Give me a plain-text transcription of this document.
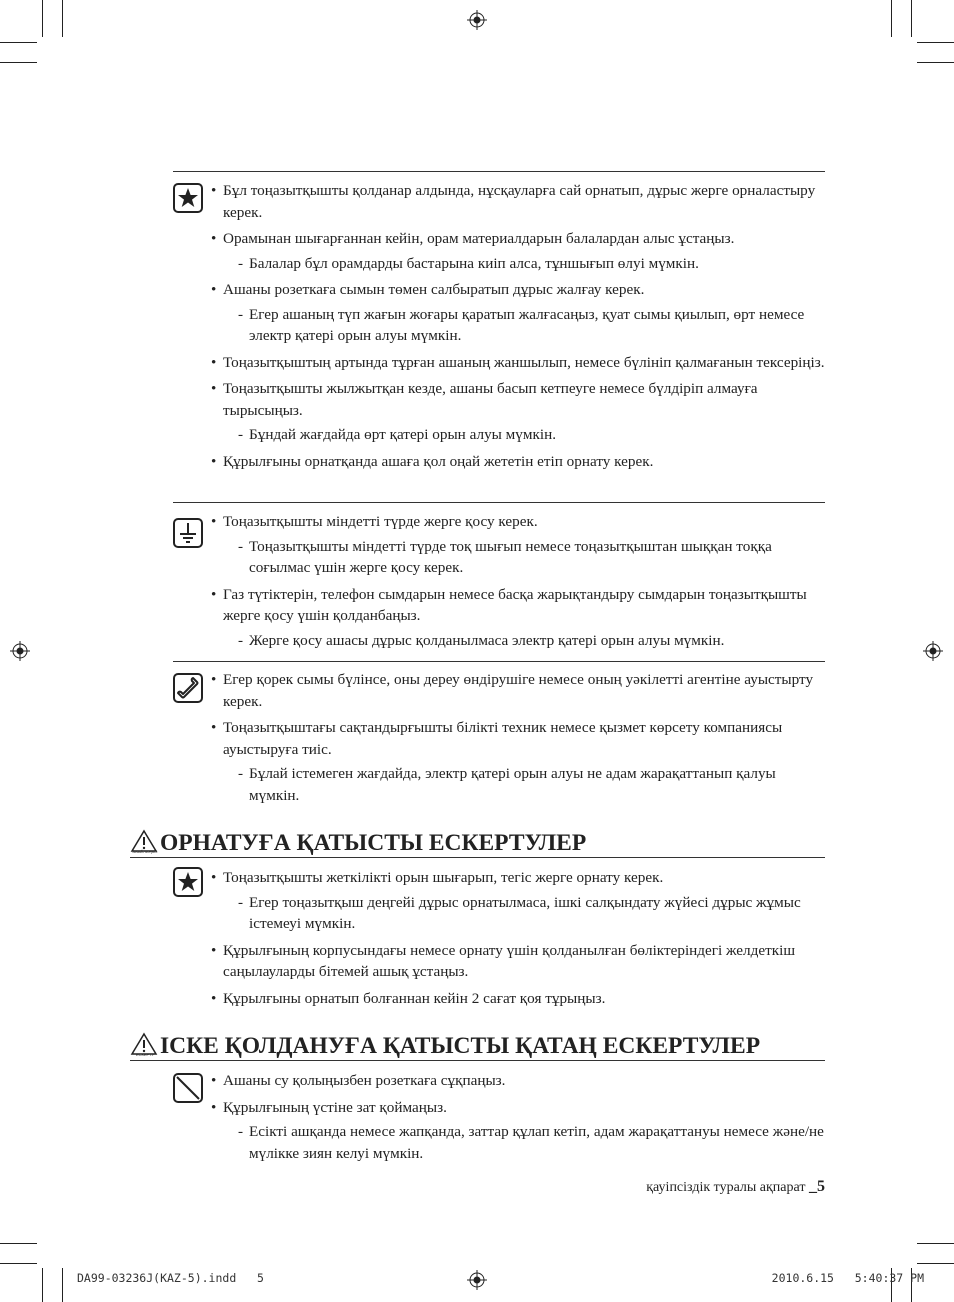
• Бұл тоңазытқышты қолданар алдында, нұсқауларға сай орнатып, дұрыс жерге орналастыру керек.
• Орамынан шығарғаннан кейін, орам материалдарын балалардан алыс ұстаңыз.
- Балалар бұл орамдарды бастарына киіп алса, тұншығып өлуі мүмкін.
• Ашаны розеткаға сымын төмен салбыратып дұрыс жалғау керек.
- Егер ашаның түп жағын жоғары қаратып жалғасаңыз, қуат сымы қиылып, өрт немесе электр қатері орын алуы мүмкін.
• Тоңазытқыштың артында тұрған ашаның жаншылып, немесе бүлініп қалмағанын тексеріңіз.
• Тоңазытқышты жылжытқан кезде, ашаны басып кетпеуге немесе бүлдіріп алмауға тырысыңыз.
- Бұндай жағдайда өрт қатері орын алуы мүмкін.
• Құрылғыны орнатқанда ашаға қол оңай жететін етіп орнату керек.
• Тоңазытқышты міндетті түрде жерге қосу керек.
- Тоңазытқышты міндетті түрде тоқ шығып немесе тоңазытқыштан шыққан тоққа соғылмас үшін жерге қосу керек.
• Газ түтіктерін, телефон сымдарын немесе басқа жарықтандыру сымдарын тоңазытқышты жерге қосу үшін қолданбаңыз.
- Жерге қосу ашасы дұрыс қолданылмаса электр қатері орын алуы мүмкін.
• Егер қорек сымы бүлінсе, оны дереу өндірушіге немесе оның уәкілетті агентіне ауыстырту керек.
• Тоңазытқыштағы сақтандырғышты білікті техник немесе қызмет көрсету компаниясы ауыстыруға тиіс.
- Бұлай істемеген жағдайда, электр қатері орын алуы не адам жарақаттанып қалуы мүмкін.
АБАЙЛАҢЫЗ ОРНАТУҒА ҚАТЫСТЫ ЕСКЕРТУЛЕР
• Тоңазытқышты жеткілікті орын шығарып, тегіс жерге орнату керек.
- Егер тоңазытқыш деңгейі дұрыс орнатылмаса, ішкі салқындату жүйесі дұрыс жұмыс істемеуі мүмкін.
• Құрылғының корпусындағы немесе орнату үшін қолданылған бөліктеріндегі желдеткіш саңылауларды бітемей ашық ұстаңыз.
• Құрылғыны орнатып болғаннан кейін 2 сағат қоя тұрыңыз.
ЕСКЕРТУ ІСКЕ ҚОЛДАНУҒА ҚАТЫСТЫ ҚАТАҢ ЕСКЕРТУЛЕР
• Ашаны су қолыңызбен розеткаға сұқпаңыз.
• Құрылғының үстіне зат қоймаңыз.
- Есікті ашқанда немесе жапқанда, заттар құлап кетіп, адам жарақаттануы немесе және/не мүлікке зиян келуі мүмкін.
қауіпсіздік туралы ақпарат _5
DA99-03236J(KAZ-5).indd   5	2010.6.15   5:40:37 PM
